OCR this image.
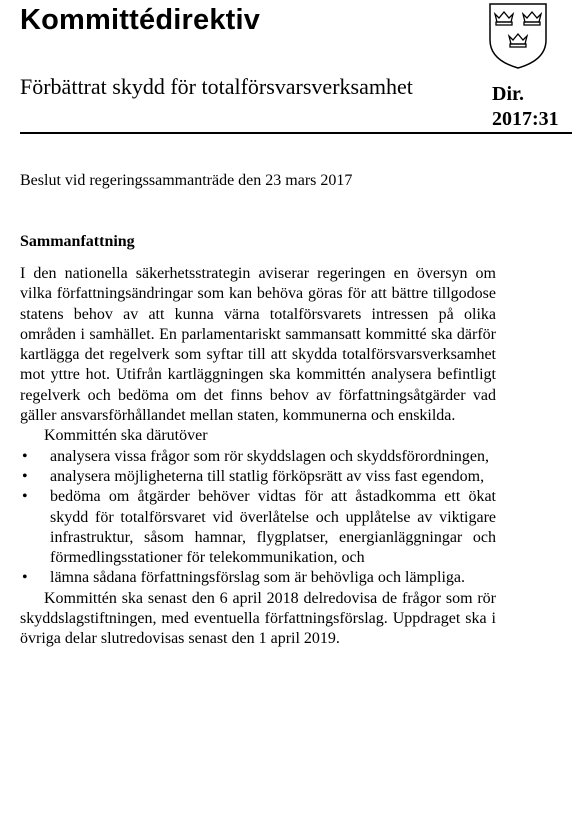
Kommittédirektiv
Förbättrat skydd för totalförsvarsverksamhet	Dir.
2017:31
Beslut vid regeringssammanträde den 23 mars 2017
Sammanfattning

I den nationella säkerhetsstrategin aviserar regeringen en översyn om vilka författningsändringar som kan behöva göras för att bättre tillgodose statens behov av att kunna värna totalförsvarets intressen på olika områden i samhället. En parlamentariskt sammansatt kommitté ska därför kartlägga det regelverk som syftar till att skydda totalförsvarsverksamhet mot yttre hot. Utifrån kartläggningen ska kommittén analysera befintligt regelverk och bedöma om det finns behov av författningsåtgärder vad gäller ansvarsförhållandet mellan staten, kommunerna och enskilda.

Kommittén ska därutöver

• analysera vissa frågor som rör skyddslagen och skyddsförordningen,
• analysera möjligheterna till statlig förköpsrätt av viss fast egendom,
• bedöma om åtgärder behöver vidtas för att åstadkomma ett ökat skydd för totalförsvaret vid överlåtelse och upplåtelse av viktigare infrastruktur, såsom hamnar, flygplatser, energianläggningar och förmedlingsstationer för telekommunikation, och
• lämna sådana författningsförslag som är behövliga och lämpliga.

Kommittén ska senast den 6 april 2018 delredovisa de frågor som rör skyddslagstiftningen, med eventuella författningsförslag. Uppdraget ska i övriga delar slutredovisas senast den 1 april 2019.
